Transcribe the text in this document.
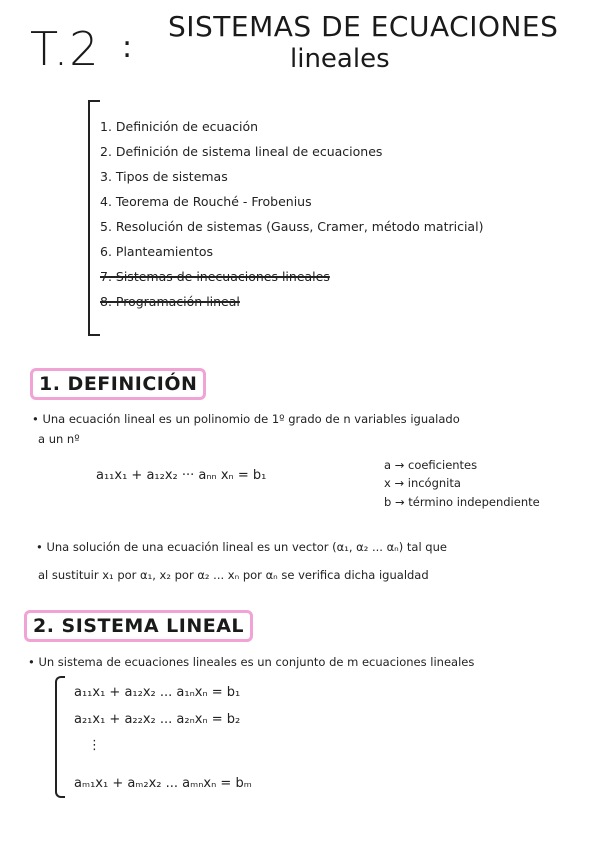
T.2 :
SISTEMAS DE ECUACIONES
lineales
1. Definición de ecuación
2. Definición de sistema lineal de ecuaciones
3. Tipos de sistemas
4. Teorema de Rouché - Frobenius
5. Resolución de sistemas (Gauss, Cramer, método matricial)
6. Planteamientos
7. Sistemas de inecuaciones lineales
8. Programación lineal
1. DEFINICIÓN
• Una ecuación lineal es un polinomio de 1º grado de n variables igualado
a un nº
a₁₁x₁ + a₁₂x₂ ··· aₙₙ xₙ = b₁
a → coeficientes
x → incógnita
b → término independiente
• Una solución de una ecuación lineal es un vector (α₁, α₂ ... αₙ) tal que
al sustituir x₁ por α₁, x₂ por α₂ ... xₙ por αₙ se verifica dicha igualdad
2. SISTEMA LINEAL
• Un sistema de ecuaciones lineales es un conjunto de m ecuaciones lineales
a₁₁x₁ + a₁₂x₂ ... a₁ₙxₙ = b₁
a₂₁x₁ + a₂₂x₂ ... a₂ₙxₙ = b₂
⋮
aₘ₁x₁ + aₘ₂x₂ ... aₘₙxₙ = bₘ
